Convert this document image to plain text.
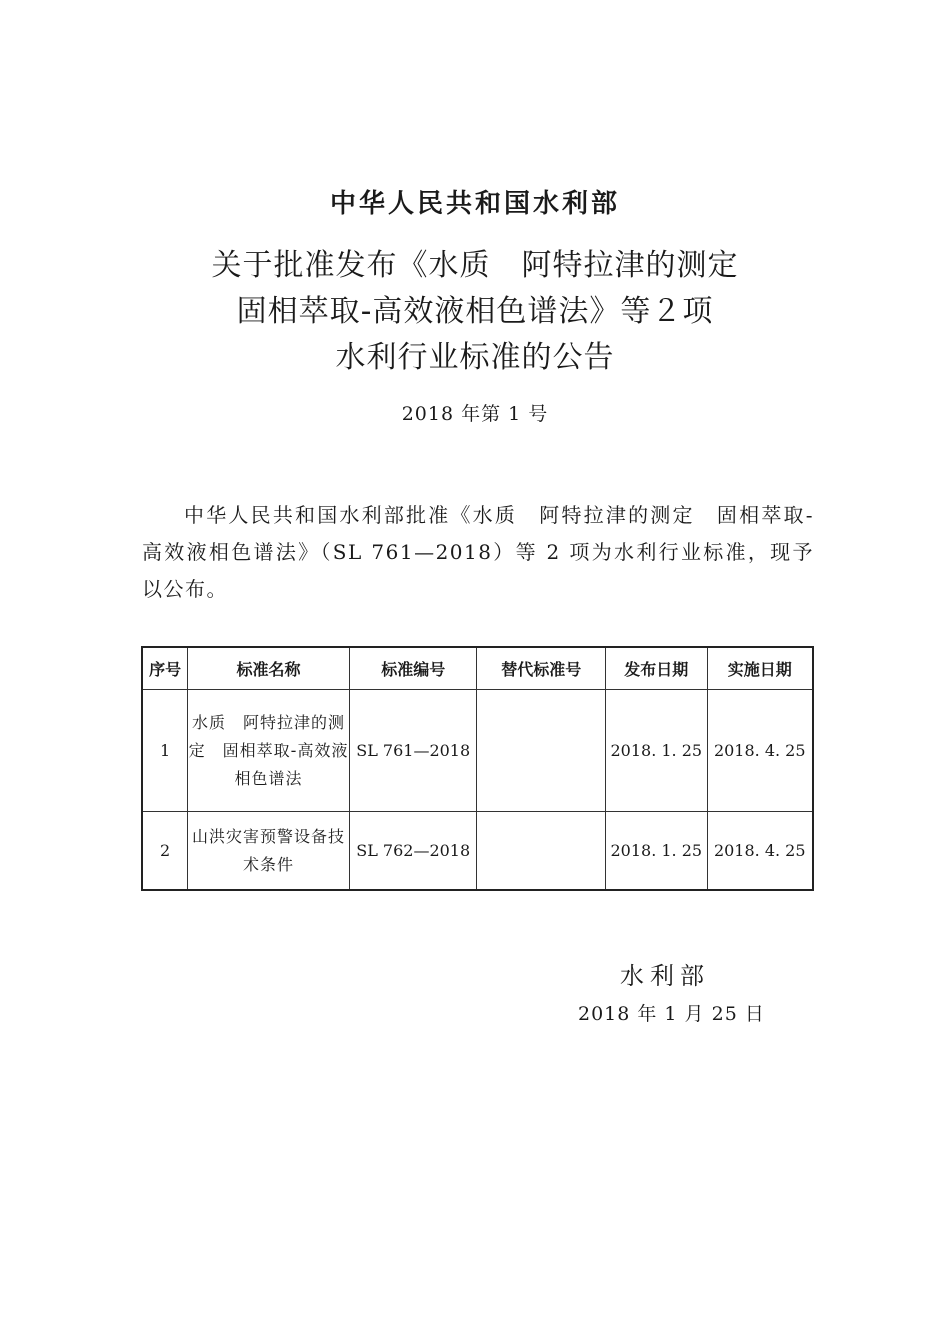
中华人民共和国水利部
关于批准发布《水质　阿特拉津的测定
固相萃取-高效液相色谱法》等２项
水利行业标准的公告
2018 年第 1 号
中华人民共和国水利部批准《水质　阿特拉津的测定　固相萃取-高效液相色谱法》（SL 761—2018）等 2 项为水利行业标准，现予以公布。
序号	标准名称	标准编号	替代标准号	发布日期	实施日期
1	水质　阿特拉津的测定　固相萃取-高效液相色谱法	SL 761—2018		2018. 1. 25	2018. 4. 25
2	山洪灾害预警设备技术条件	SL 762—2018		2018. 1. 25	2018. 4. 25
水利部
2018 年 1 月 25 日
